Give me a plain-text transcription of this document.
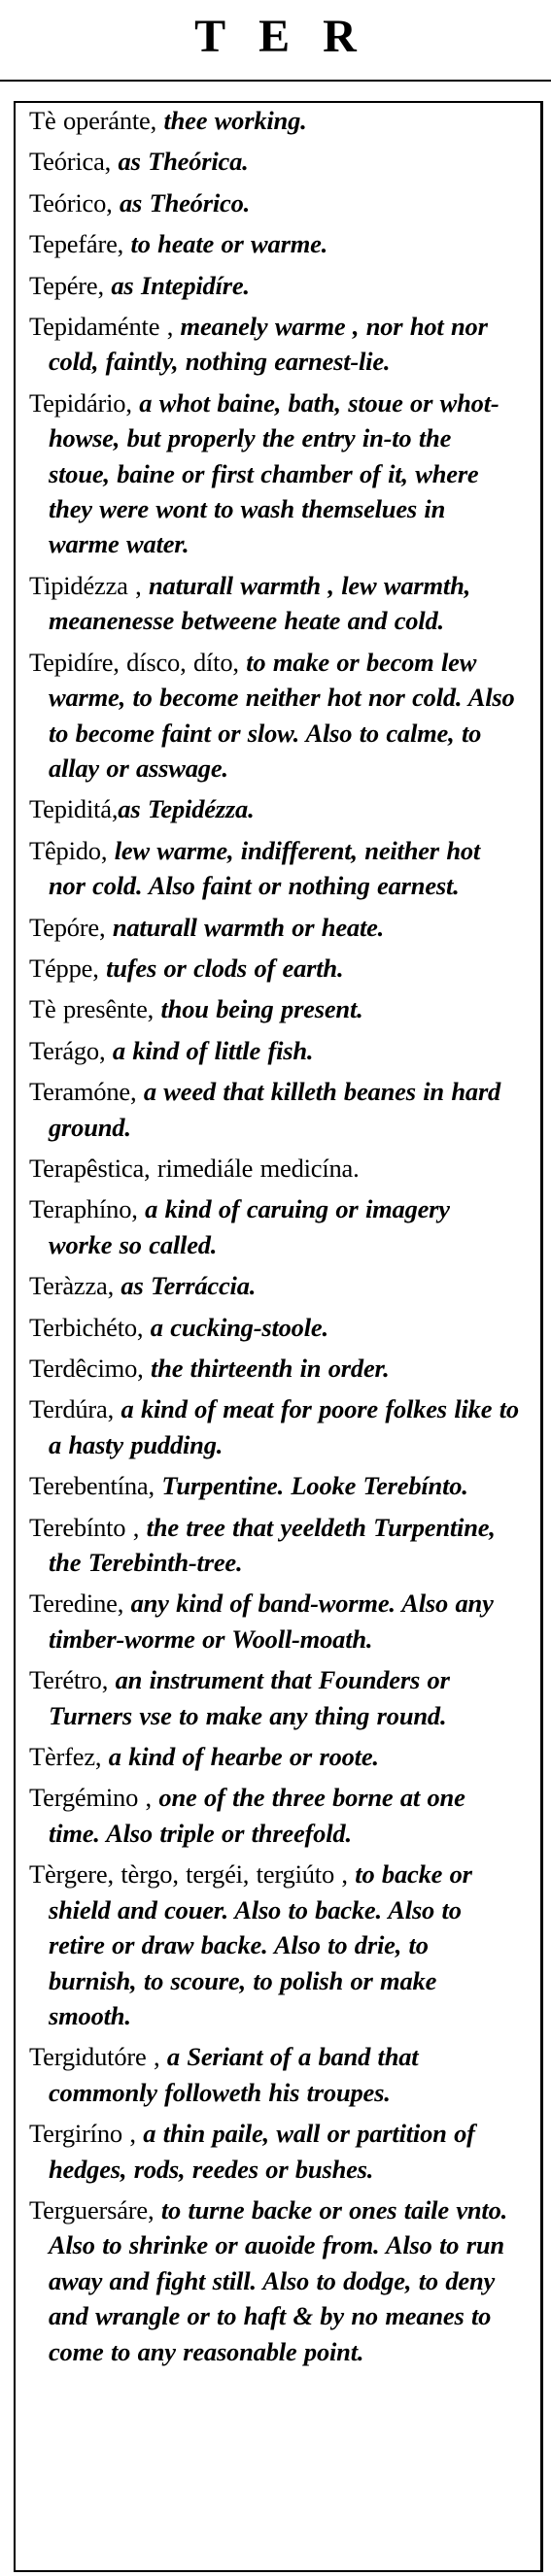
TER
Tè operánte, thee working.
Teórica, as Theórica.
Teórico, as Theórico.
Tepefáre, to heate or warme.
Tepére, as Intepidíre.
Tepidaménte , meanely warme , nor hot nor cold, faintly, nothing earnest-lie.
Tepidário, a whot baine, bath, stoue or whot-howse, but properly the entry in-to the stoue, baine or first chamber of it, where they were wont to wash themselues in warme water.
Tipidézza , naturall warmth , lew warmth, meanenesse betweene heate and cold.
Tepidíre, dísco, díto, to make or becom lew warme, to become neither hot nor cold. Also to become faint or slow. Also to calme, to allay or asswage.
Tepiditá,as Tepidézza.
Têpido, lew warme, indifferent, neither hot nor cold. Also faint or nothing earnest.
Tepóre, naturall warmth or heate.
Téppe, tufes or clods of earth.
Tè presênte, thou being present.
Terágo, a kind of little fish.
Teramóne, a weed that killeth beanes in hard ground.
Terapêstica, rimediále medicína.
Teraphíno, a kind of caruing or imagery worke so called.
Teràzza, as Terráccia.
Terbichéto, a cucking-stoole.
Terdêcimo, the thirteenth in order.
Terdúra, a kind of meat for poore folkes like to a hasty pudding.
Terebentína, Turpentine. Looke Terebínto.
Terebínto , the tree that yeeldeth Turpentine, the Terebinth-tree.
Teredine, any kind of band-worme. Also any timber-worme or Wooll-moath.
Terétro, an instrument that Founders or Turners vse to make any thing round.
Tèrfez, a kind of hearbe or roote.
Tergémino , one of the three borne at one time. Also triple or threefold.
Tèrgere, tèrgo, tergéi, tergiúto , to backe or shield and couer. Also to backe. Also to retire or draw backe. Also to drie, to burnish, to scoure, to polish or make smooth.
Tergidutóre , a Seriant of a band that commonly followeth his troupes.
Tergiríno , a thin paile, wall or partition of hedges, rods, reedes or bushes.
Terguersáre, to turne backe or ones taile vnto. Also to shrinke or auoide from. Also to run away and fight still. Also to dodge, to deny and wrangle or to haft & by no meanes to come to any reasonable point.
